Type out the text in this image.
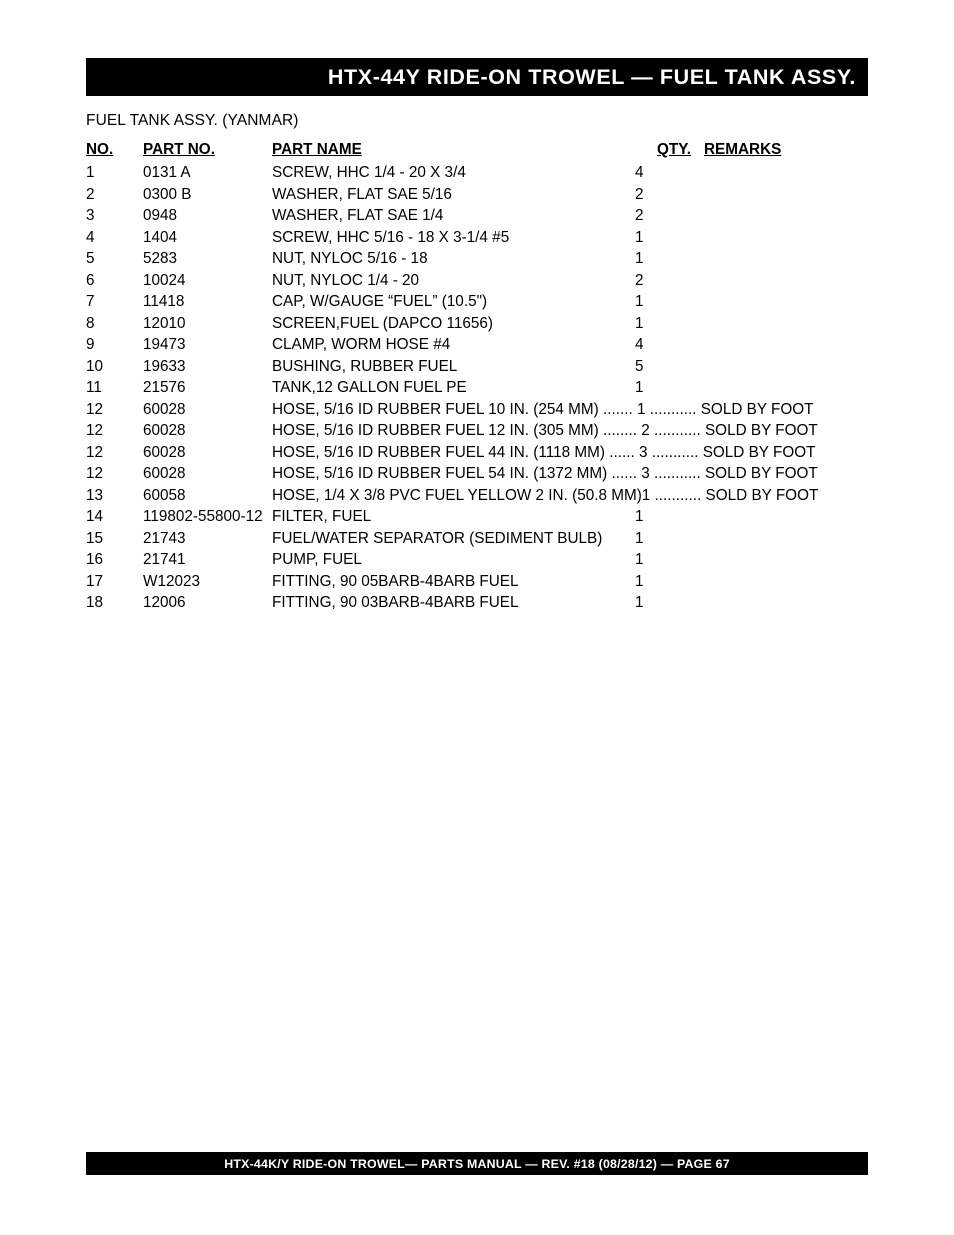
HTX-44Y RIDE-ON TROWEL — FUEL TANK ASSY.
FUEL TANK ASSY. (YANMAR)
NO. PART NO.	PART NAME	QTY. REMARKS
1	0131 A	SCREW, HHC 1/4 - 20 X 3/4	4
2	0300 B	WASHER, FLAT SAE 5/16	2
3	0948	WASHER, FLAT SAE 1/4	2
4	1404	SCREW, HHC 5/16 - 18 X 3-1/4 #5	1
5	5283	NUT, NYLOC 5/16 - 18	1
6	10024	NUT, NYLOC 1/4 - 20	2
7	11418	CAP, W/GAUGE “FUEL” (10.5")	1
8	12010	SCREEN,FUEL (DAPCO 11656)	1
9	19473	CLAMP, WORM HOSE #4	4
10	19633	BUSHING, RUBBER FUEL	5
11	21576	TANK,12 GALLON FUEL PE	1
12	60028	HOSE, 5/16 ID RUBBER FUEL 10 IN. (254 MM) ....... 1 ........... SOLD BY FOOT
12	60028	HOSE, 5/16 ID RUBBER FUEL 12 IN. (305 MM) ........ 2 ........... SOLD BY FOOT
12	60028	HOSE, 5/16 ID RUBBER FUEL 44 IN. (1118 MM) ...... 3 ........... SOLD BY FOOT
12	60028	HOSE, 5/16 ID RUBBER FUEL 54 IN. (1372 MM) ...... 3 ........... SOLD BY FOOT
13	60058	HOSE, 1/4 X 3/8 PVC FUEL YELLOW 2 IN. (50.8 MM)1 ........... SOLD BY FOOT
14	119802-55800-12 FILTER, FUEL	1
15	21743	FUEL/WATER SEPARATOR (SEDIMENT BULB) 1
16	21741	PUMP, FUEL	1
17	W12023	FITTING, 90 05BARB-4BARB FUEL	1
18	12006	FITTING, 90 03BARB-4BARB FUEL	1
HTX-44K/Y RIDE-ON TROWEL— PARTS MANUAL — REV. #18 (08/28/12) — PAGE 67
